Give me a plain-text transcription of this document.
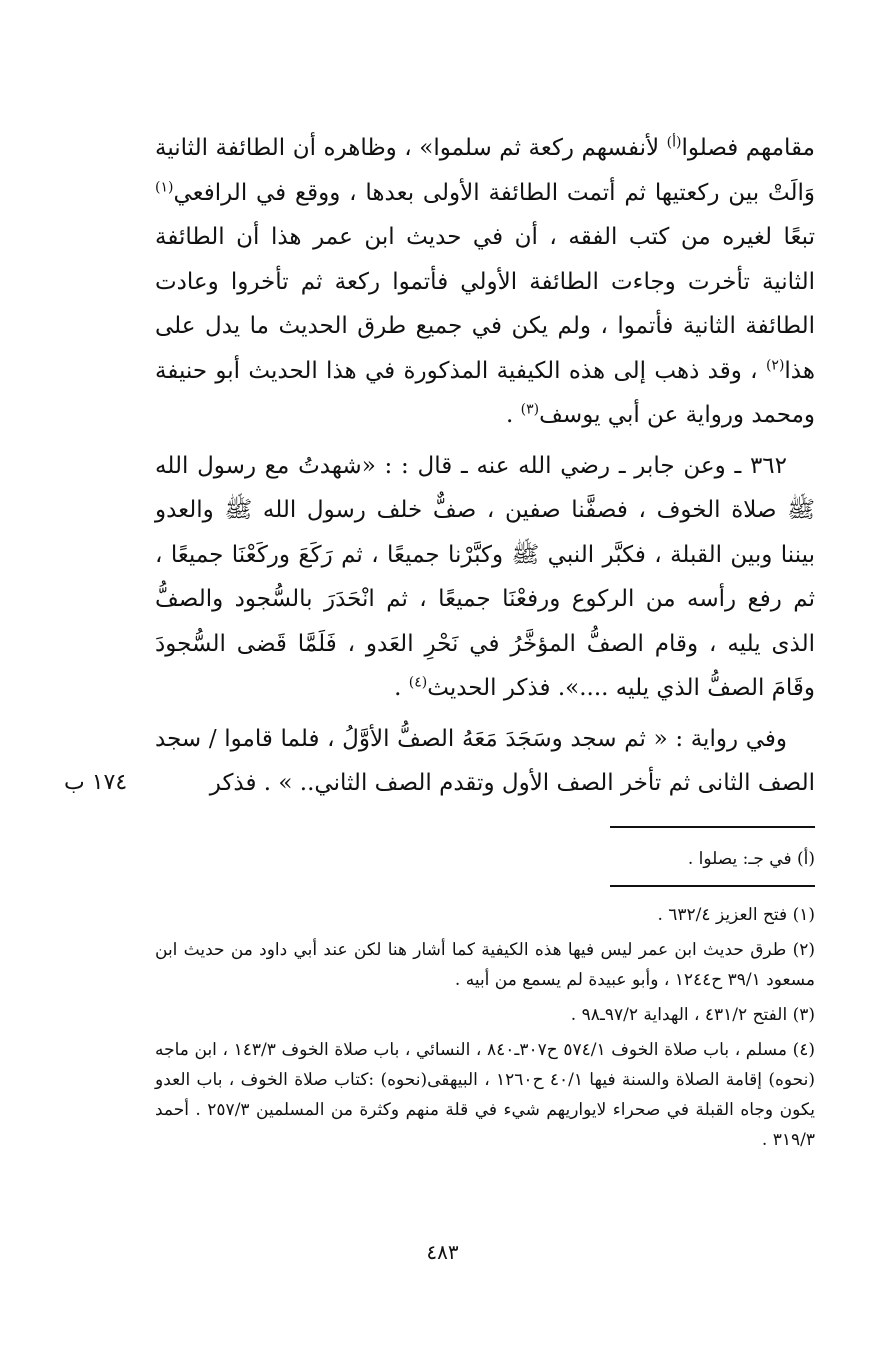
مقامهم فصلوا$^{(أ)}$ لأنفسهم ركعة ثم سلموا» ، وظاهره أن الطائفة الثانية وَالَتْ بين ركعتيها ثم أتمت الطائفة الأولى بعدها ، ووقع في الرافعي$^{(١)}$ تبعًا لغيره من كتب الفقه ، أن في حديث ابن عمر هذا أن الطائفة الثانية تأخرت وجاءت الطائفة الأولي فأتموا ركعة ثم تأخروا وعادت الطائفة الثانية فأتموا ، ولم يكن في جميع طرق الحديث ما يدل على هذا$^{(٢)}$ ، وقد ذهب إلى هذه الكيفية المذكورة في هذا الحديث أبو حنيفة ومحمد ورواية عن أبي يوسف$^{(٣)}$ .

٣٦٢ ـ وعن جابر ـ رضي الله عنه ـ قال : : «شهدتُ مع رسول الله ﷺ صلاة الخوف ، فصفَّنا صفين ، صفٌّ خلف رسول الله ﷺ والعدو بيننا وبين القبلة ، فكبَّر النبي ﷺ وكبَّرْنا جميعًا ، ثم رَكَعَ وركَعْنَا جميعًا ، ثم رفع رأسه من الركوع ورفعْنَا جميعًا ، ثم انْحَدَرَ بالسُّجود والصفُّ الذى يليه ، وقام الصفُّ المؤخَّرُ في نَحْرِ العَدو ، فَلَمَّا قَضى السُّجودَ وقَامَ الصفُّ الذي يليه ....». فذكر الحديث$^{(٤)}$ .

وفي رواية : « ثم سجد وسَجَدَ مَعَهُ الصفُّ الأوَّلُ ، فلما قاموا / سجد الصف الثانى ثم تأخر الصف الأول وتقدم الصف الثاني.. » . فذكر

١٧٤ ب
(أ) في جـ: يصلوا .

(١) فتح العزيز ٦٣٢/٤ .

(٢) طرق حديث ابن عمر ليس فيها هذه الكيفية كما أشار هنا لكن عند أبي داود من حديث ابن مسعود ٣٩/١ ح١٢٤٤ ، وأبو عبيدة لم يسمع من أبيه .

(٣) الفتح ٤٣١/٢ ، الهداية ٩٧/٢ـ٩٨ .

(٤) مسلم ، باب صلاة الخوف ٥٧٤/١ ح٣٠٧ـ٨٤٠ ، النسائي ، باب صلاة الخوف ١٤٣/٣ ، ابن ماجه (نحوه) إقامة الصلاة والسنة فيها ٤٠/١ ح١٢٦٠ ، البيهقى(نحوه) :كتاب صلاة الخوف ، باب العدو يكون وجاه القبلة في صحراء لايواريهم شيء في قلة منهم وكثرة من المسلمين ٢٥٧/٣ . أحمد ٣١٩/٣ .

٤٨٣
